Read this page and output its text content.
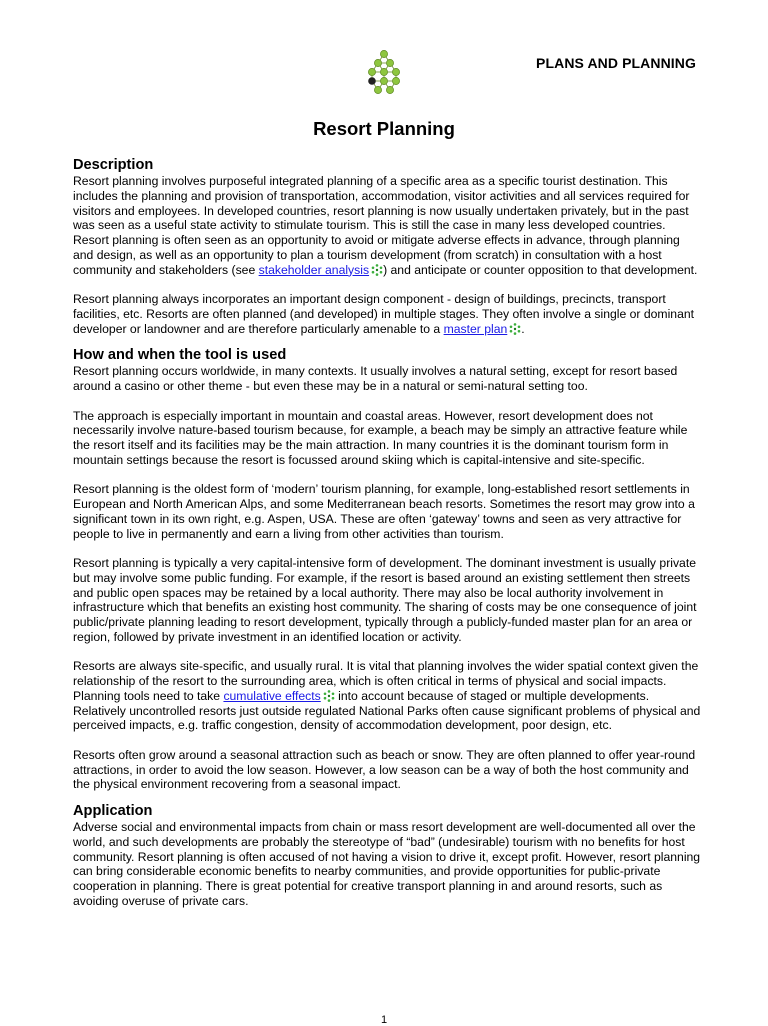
PLANS AND PLANNING
Resort Planning
Description

Resort planning involves purposeful integrated planning of a specific area as a specific tourist destination. This includes the planning and provision of transportation, accommodation, visitor activities and all services required for visitors and employees. In developed countries, resort planning is now usually undertaken privately, but in the past was seen as a useful state activity to stimulate tourism. This is still the case in many less developed countries. Resort planning is often seen as an opportunity to avoid or mitigate adverse effects in advance, through planning and design, as well as an opportunity to plan a tourism development (from scratch) in consultation with a host community and stakeholders (see stakeholder analysis ) and anticipate or counter opposition to that development.

Resort planning always incorporates an important design component - design of buildings, precincts, transport facilities, etc. Resorts are often planned (and developed) in multiple stages. They often involve a single or dominant developer or landowner and are therefore particularly amenable to a master plan .

How and when the tool is used

Resort planning occurs worldwide, in many contexts. It usually involves a natural setting, except for resort based around a casino or other theme - but even these may be in a natural or semi-natural setting too.

The approach is especially important in mountain and coastal areas. However, resort development does not necessarily involve nature-based tourism because, for example, a beach may be simply an attractive feature while the resort itself and its facilities may be the main attraction. In many countries it is the dominant tourism form in mountain settings because the resort is focussed around skiing which is capital-intensive and site-specific.

Resort planning is the oldest form of ‘modern’ tourism planning, for example, long-established resort settlements in European and North American Alps, and some Mediterranean beach resorts. Sometimes the resort may grow into a significant town in its own right, e.g. Aspen, USA. These are often ‘gateway’ towns and seen as very attractive for people to live in permanently and earn a living from other activities than tourism.

Resort planning is typically a very capital-intensive form of development. The dominant investment is usually private but may involve some public funding. For example, if the resort is based around an existing settlement then streets and public open spaces may be retained by a local authority. There may also be local authority involvement in infrastructure which that benefits an existing host community. The sharing of costs may be one consequence of joint public/private planning leading to resort development, typically through a publicly-funded master plan for an area or region, followed by private investment in an identified location or activity.

Resorts are always site-specific, and usually rural. It is vital that planning involves the wider spatial context given the relationship of the resort to the surrounding area, which is often critical in terms of physical and social impacts. Planning tools need to take cumulative effects into account because of staged or multiple developments. Relatively uncontrolled resorts just outside regulated National Parks often cause significant problems of physical and perceived impacts, e.g. traffic congestion, density of accommodation development, poor design, etc.

Resorts often grow around a seasonal attraction such as beach or snow. They are often planned to offer year-round attractions, in order to avoid the low season. However, a low season can be a way of both the host community and the physical environment recovering from a seasonal impact.

Application

Adverse social and environmental impacts from chain or mass resort development are well-documented all over the world, and such developments are probably the stereotype of “bad” (undesirable) tourism with no benefits for host community. Resort planning is often accused of not having a vision to drive it, except profit. However, resort planning can bring considerable economic benefits to nearby communities, and provide opportunities for public-private cooperation in planning. There is great potential for creative transport planning in and around resorts, such as avoiding overuse of private cars.

1
